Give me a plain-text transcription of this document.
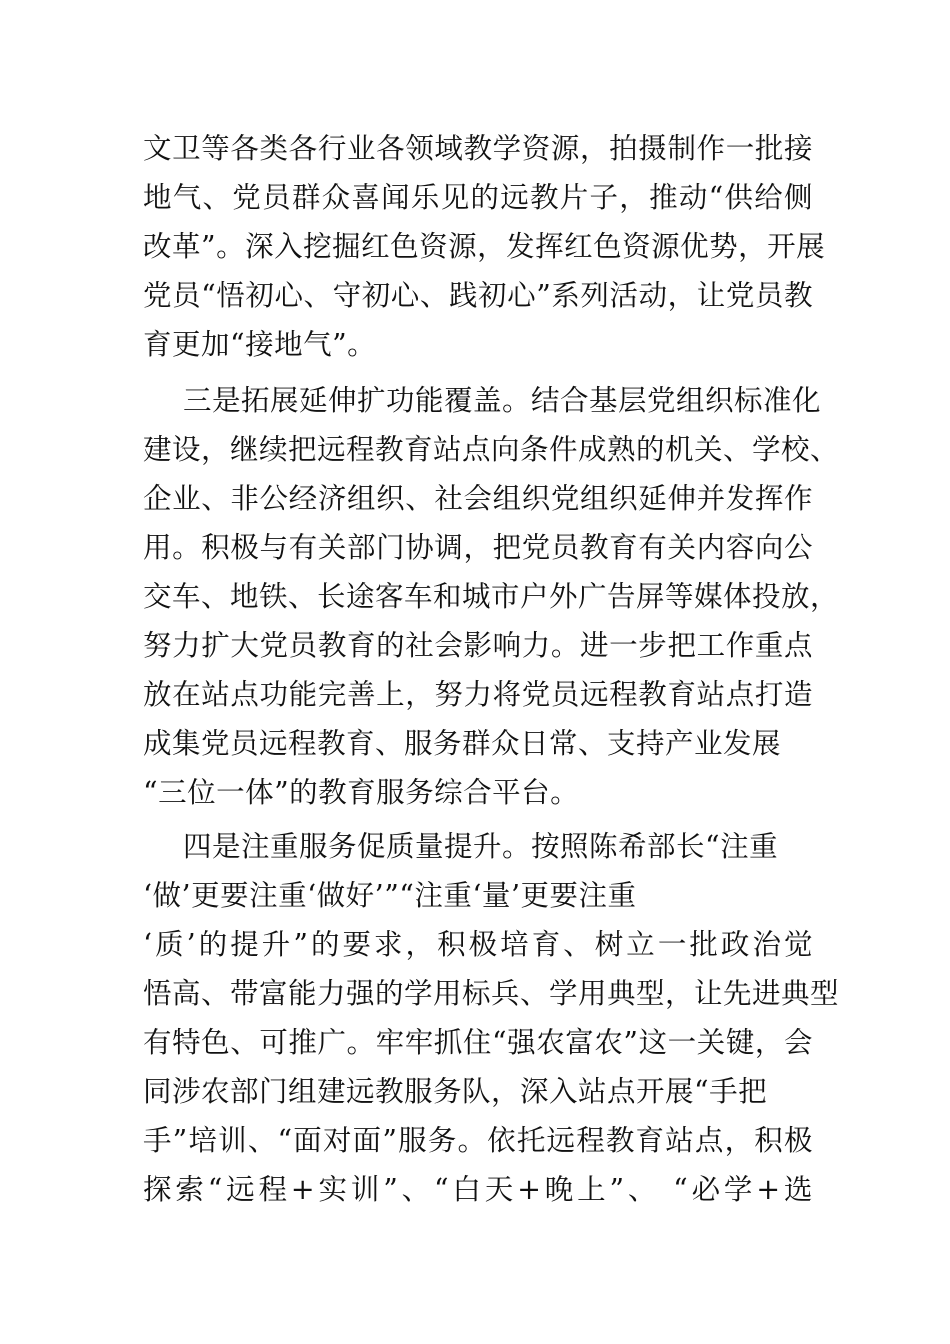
文卫等各类各行业各领域教学资源，拍摄制作一批接
地气、党员群众喜闻乐见的远教片子，推动“供给侧
改革”。深入挖掘红色资源，发挥红色资源优势，开展
党员“悟初心、守初心、践初心”系列活动，让党员教
育更加“接地气”。
三是拓展延伸扩功能覆盖。结合基层党组织标准化
建设，继续把远程教育站点向条件成熟的机关、学校、
企业、非公经济组织、社会组织党组织延伸并发挥作
用。积极与有关部门协调，把党员教育有关内容向公
交车、地铁、长途客车和城市户外广告屏等媒体投放，
努力扩大党员教育的社会影响力。进一步把工作重点
放在站点功能完善上，努力将党员远程教育站点打造
成集党员远程教育、服务群众日常、支持产业发展
“三位一体”的教育服务综合平台。
四是注重服务促质量提升。按照陈希部长“注重
‘做’更要注重‘做好’”“注重‘量’更要注重
‘质’的提升”的要求，积极培育、树立一批政治觉
悟高、带富能力强的学用标兵、学用典型，让先进典型
有特色、可推广。牢牢抓住“强农富农”这一关键，会
同涉农部门组建远教服务队，深入站点开展“手把
手”培训、“面对面”服务。依托远程教育站点，积极
探索“远程+实训”、“白天+晚上”、 “必学+选
